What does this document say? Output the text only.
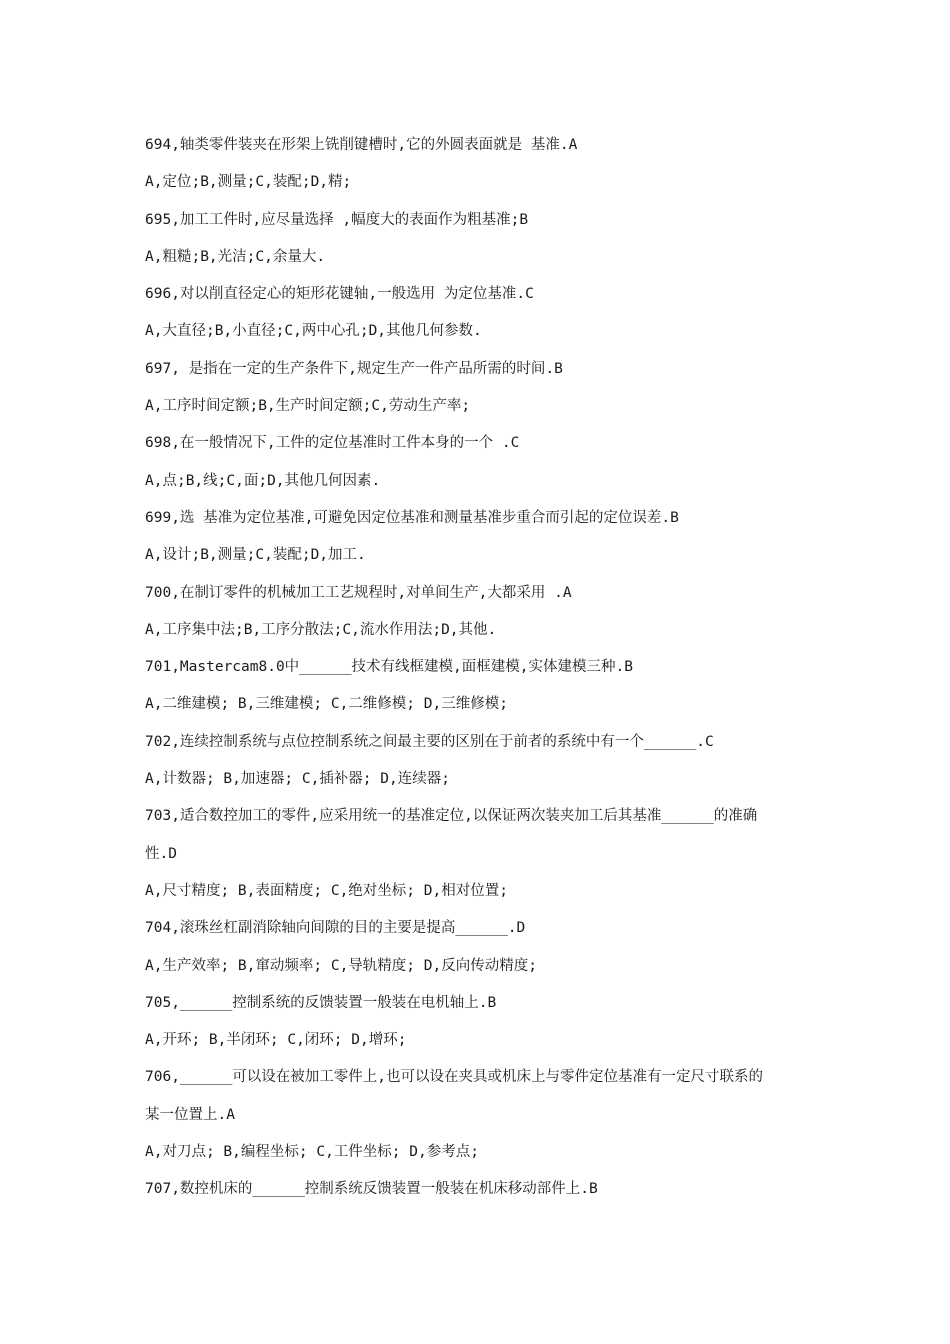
694,轴类零件装夹在形架上铣削键槽时,它的外圆表面就是 基准.A
A,定位;B,测量;C,装配;D,精;
695,加工工件时,应尽量选择 ,幅度大的表面作为粗基准;B
A,粗糙;B,光洁;C,余量大.
696,对以削直径定心的矩形花键轴,一般选用 为定位基准.C
A,大直径;B,小直径;C,两中心孔;D,其他几何参数.
697, 是指在一定的生产条件下,规定生产一件产品所需的时间.B
A,工序时间定额;B,生产时间定额;C,劳动生产率;
698,在一般情况下,工件的定位基准时工件本身的一个 .C
A,点;B,线;C,面;D,其他几何因素.
699,选 基准为定位基准,可避免因定位基准和测量基准步重合而引起的定位误差.B
A,设计;B,测量;C,装配;D,加工.
700,在制订零件的机械加工工艺规程时,对单间生产,大都采用 .A
A,工序集中法;B,工序分散法;C,流水作用法;D,其他.
701,Mastercam8.0中______技术有线框建模,面框建模,实体建模三种.B
A,二维建模; B,三维建模; C,二维修模; D,三维修模;
702,连续控制系统与点位控制系统之间最主要的区别在于前者的系统中有一个______.C
A,计数器; B,加速器; C,插补器; D,连续器;
703,适合数控加工的零件,应采用统一的基准定位,以保证两次装夹加工后其基准______的准确
性.D
A,尺寸精度; B,表面精度; C,绝对坐标; D,相对位置;
704,滚珠丝杠副消除轴向间隙的目的主要是提高______.D
A,生产效率; B,窜动频率; C,导轨精度; D,反向传动精度;
705,______控制系统的反馈装置一般装在电机轴上.B
A,开环; B,半闭环; C,闭环; D,增环;
706,______可以设在被加工零件上,也可以设在夹具或机床上与零件定位基准有一定尺寸联系的
某一位置上.A
A,对刀点; B,编程坐标; C,工件坐标; D,参考点;
707,数控机床的______控制系统反馈装置一般装在机床移动部件上.B
